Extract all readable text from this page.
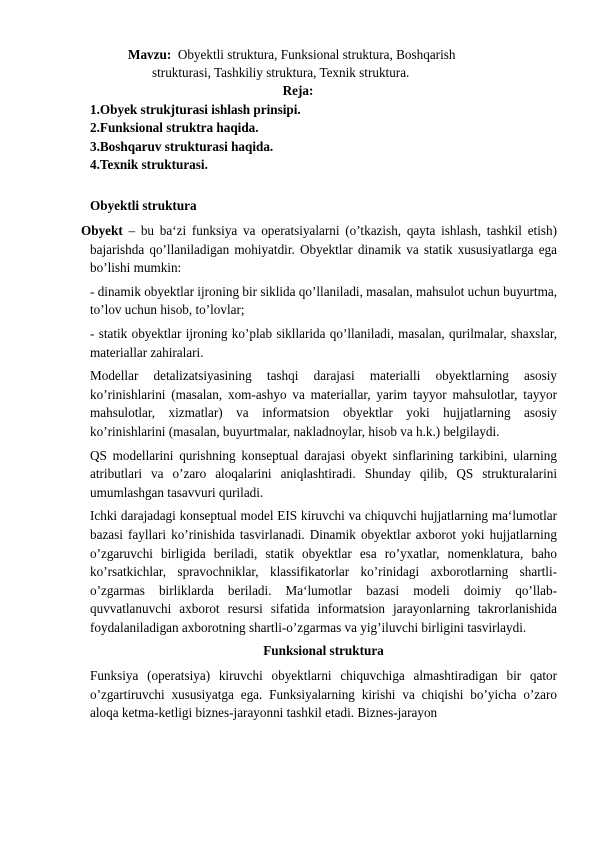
Mavzu: Obyektli struktura, Funksional struktura, Boshqarish
strukturasi, Tashkiliy struktura, Texnik struktura.
Reja:
1.Obyek strukjturasi ishlash prinsipi.
2.Funksional struktra haqida.
3.Boshqaruv strukturasi haqida.
4.Texnik strukturasi.
Obyektli struktura

Obyekt – bu ba‘zi funksiya va operatsiyalarni (o’tkazish, qayta ishlash, tashkil etish) bajarishda qo’llaniladigan mohiyatdir. Obyektlar dinamik va statik xususiyatlarga ega bo’lishi mumkin:

- dinamik obyektlar ijroning bir siklida qo’llaniladi, masalan, mahsulot uchun buyurtma, to’lov uchun hisob, to’lovlar;

- statik obyektlar ijroning ko’plab sikllarida qo’llaniladi, masalan, qurilmalar, shaxslar, materiallar zahiralari.

Modellar detalizatsiyasining tashqi darajasi materialli obyektlarning asosiy ko’rinishlarini (masalan, xom-ashyo va materiallar, yarim tayyor mahsulotlar, tayyor mahsulotlar, xizmatlar) va informatsion obyektlar yoki hujjatlarning asosiy ko’rinishlarini (masalan, buyurtmalar, nakladnoylar, hisob va h.k.) belgilaydi.

QS modellarini qurishning konseptual darajasi obyekt sinflarining tarkibini, ularning atributlari va o’zaro aloqalarini aniqlashtiradi. Shunday qilib, QS strukturalarini umumlashgan tasavvuri quriladi.

Ichki darajadagi konseptual model EIS kiruvchi va chiquvchi hujjatlarning ma‘lumotlar bazasi fayllari ko’rinishida tasvirlanadi. Dinamik obyektlar axborot yoki hujjatlarning o’zgaruvchi birligida beriladi, statik obyektlar esa ro’yxatlar, nomenklatura, baho ko’rsatkichlar, spravochniklar, klassifikatorlar ko’rinidagi axborotlarning shartli-o’zgarmas birliklarda beriladi. Ma‘lumotlar bazasi modeli doimiy qo’llab-quvvatlanuvchi axborot resursi sifatida informatsion jarayonlarning takrorlanishida foydalaniladigan axborotning shartli-o’zgarmas va yig’iluvchi birligini tasvirlaydi.

Funksional struktura

Funksiya (operatsiya) kiruvchi obyektlarni chiquvchiga almashtiradigan bir qator o’zgartiruvchi xususiyatga ega. Funksiyalarning kirishi va chiqishi bo’yicha o’zaro aloqa ketma-ketligi biznes-jarayonni tashkil etadi. Biznes-jarayon
